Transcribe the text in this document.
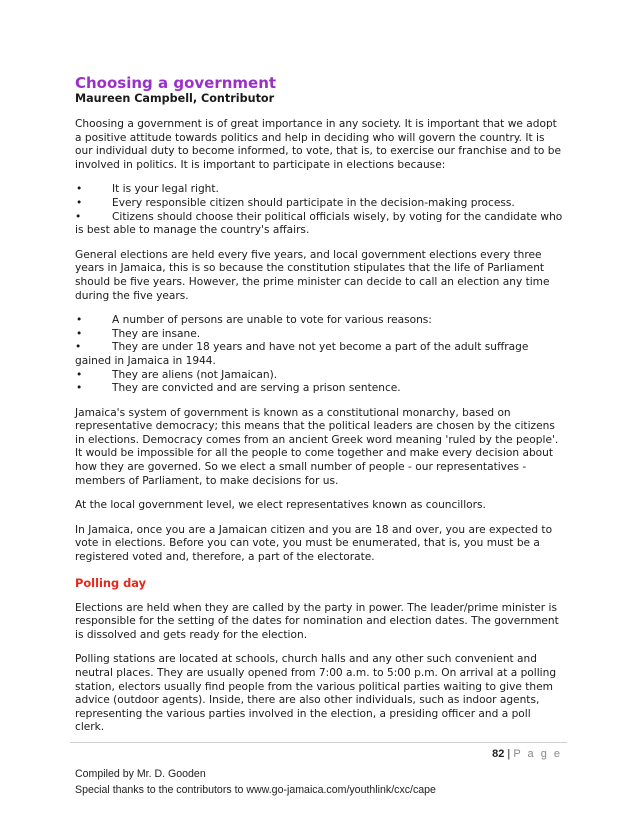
Choosing a government
Maureen Campbell, Contributor

Choosing a government is of great importance in any society. It is important that we adopt a positive attitude towards politics and help in deciding who will govern the country. It is our individual duty to become informed, to vote, that is, to exercise our franchise and to be involved in politics. It is important to participate in elections because:

•	It is your legal right.
•	Every responsible citizen should participate in the decision-making process.
•	Citizens should choose their political officials wisely, by voting for the candidate who is best able to manage the country's affairs.

General elections are held every five years, and local government elections every three years in Jamaica, this is so because the constitution stipulates that the life of Parliament should be five years. However, the prime minister can decide to call an election any time during the five years.

•	A number of persons are unable to vote for various reasons:
•	They are insane.
•	They are under 18 years and have not yet become a part of the adult suffrage gained in Jamaica in 1944.
•	They are aliens (not Jamaican).
•	They are convicted and are serving a prison sentence.

Jamaica's system of government is known as a constitutional monarchy, based on representative democracy; this means that the political leaders are chosen by the citizens in elections. Democracy comes from an ancient Greek word meaning 'ruled by the people'. It would be impossible for all the people to come together and make every decision about how they are governed. So we elect a small number of people - our representatives - members of Parliament, to make decisions for us.

At the local government level, we elect representatives known as councillors.

In Jamaica, once you are a Jamaican citizen and you are 18 and over, you are expected to vote in elections. Before you can vote, you must be enumerated, that is, you must be a registered voted and, therefore, a part of the electorate.

Polling day

Elections are held when they are called by the party in power. The leader/prime minister is responsible for the setting of the dates for nomination and election dates. The government is dissolved and gets ready for the election.

Polling stations are located at schools, church halls and any other such convenient and neutral places. They are usually opened from 7:00 a.m. to 5:00 p.m. On arrival at a polling station, electors usually find people from the various political parties waiting to give them advice (outdoor agents). Inside, there are also other individuals, such as indoor agents, representing the various parties involved in the election, a presiding officer and a poll clerk.

82 | P a g e
Compiled by Mr. D. Gooden
Special thanks to the contributors to www.go-jamaica.com/youthlink/cxc/cape
